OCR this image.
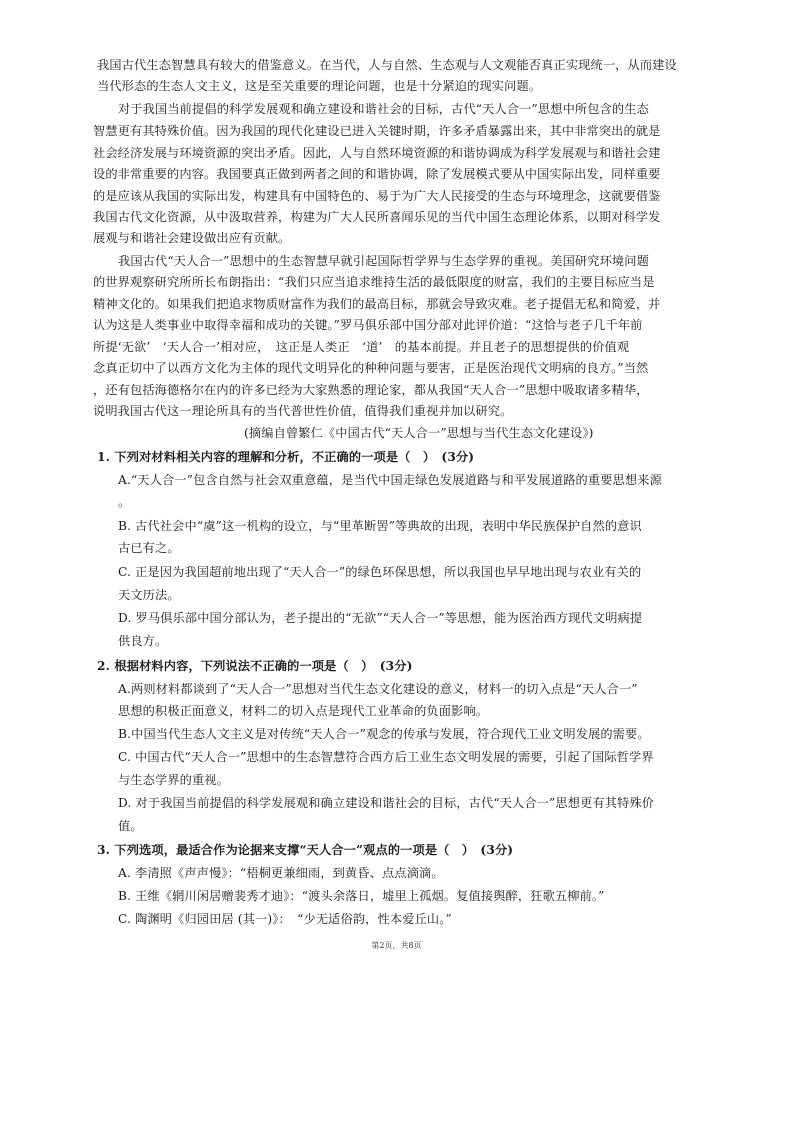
我国古代生态智慧具有较大的借鉴意义。在当代，人与自然、生态观与人文观能否真正实现统一，从而建设
当代形态的生态人文主义，这是至关重要的理论问题，也是十分紧迫的现实问题。
对于我国当前提倡的科学发展观和确立建设和谐社会的目标，古代“天人合一”思想中所包含的生态
智慧更有其特殊价值。因为我国的现代化建设已进入关键时期，许多矛盾暴露出来，其中非常突出的就是
社会经济发展与环境资源的突出矛盾。因此，人与自然环境资源的和谐协调成为科学发展观与和谐社会建
设的非常重要的内容。我国要真正做到两者之间的和谐协调，除了发展模式要从中国实际出发，同样重要
的是应该从我国的实际出发，构建具有中国特色的、易于为广大人民接受的生态与环境理念，这就要借鉴
我国古代文化资源，从中汲取营养，构建为广大人民所喜闻乐见的当代中国生态理论体系，以期对科学发
展观与和谐社会建设做出应有贡献。
我国古代“天人合一”思想中的生态智慧早就引起国际哲学界与生态学界的重视。美国研究环境问题
的世界观察研究所所长布朗指出：“我们只应当追求维持生活的最低限度的财富，我们的主要目标应当是
精神文化的。如果我们把追求物质财富作为我们的最高目标，那就会导致灾难。老子提倡无私和简爱，并
认为这是人类事业中取得幸福和成功的关键。”罗马俱乐部中国分部对此评价道：“这恰与老子几千年前
所提‘无欲’　‘天人合一’相对应，　这正是人类正　‘道’　的基本前提。并且老子的思想提供的价值观
念真正切中了以西方文化为主体的现代文明异化的种种问题与要害，正是医治现代文明病的良方。”当然
，还有包括海德格尔在内的许多已经为大家熟悉的理论家，都从我国“天人合一”思想中吸取诸多精华，
说明我国古代这一理论所具有的当代普世性价值，值得我们重视并加以研究。
(摘编自曾繁仁《中国古代“天人合一”思想与当代生态文化建设》)
1. 下列对材料相关内容的理解和分析，不正确的一项是（　）　(3分)
A.“天人合一”包含自然与社会双重意蕴，是当代中国走绿色发展道路与和平发展道路的重要思想来源
。
B. 古代社会中“虞”这一机构的设立，与“里革断罟”等典故的出现，表明中华民族保护自然的意识
古已有之。
C. 正是因为我国超前地出现了“天人合一”的绿色环保思想，所以我国也早早地出现与农业有关的
天文历法。
D. 罗马俱乐部中国分部认为，老子提出的“无欲”“天人合一”等思想，能为医治西方现代文明病提
供良方。
2. 根据材料内容，下列说法不正确的一项是（　）　(3分)
A.两则材料都谈到了“天人合一”思想对当代生态文化建设的意义，材料一的切入点是“天人合一”
思想的积极正面意义，材料二的切入点是现代工业革命的负面影响。
B.中国当代生态人文主义是对传统“天人合一”观念的传承与发展，符合现代工业文明发展的需要。
C. 中国古代“天人合一”思想中的生态智慧符合西方后工业生态文明发展的需要，引起了国际哲学界
与生态学界的重视。
D. 对于我国当前提倡的科学发展观和确立建设和谐社会的目标，古代“天人合一”思想更有其特殊价
值。
3. 下列选项，最适合作为论据来支撑“天人合一”观点的一项是（　）　(3分)
A. 李清照《声声慢》：“梧桐更兼细雨，到黄昏、点点滴滴。
B. 王维《辋川闲居赠裴秀才迪》：“渡头余落日，墟里上孤烟。复值接舆醉，狂歌五柳前。”
C. 陶渊明《归园田居 (其一)》：　“少无适俗韵，性本爱丘山。”
第2页，共8页
